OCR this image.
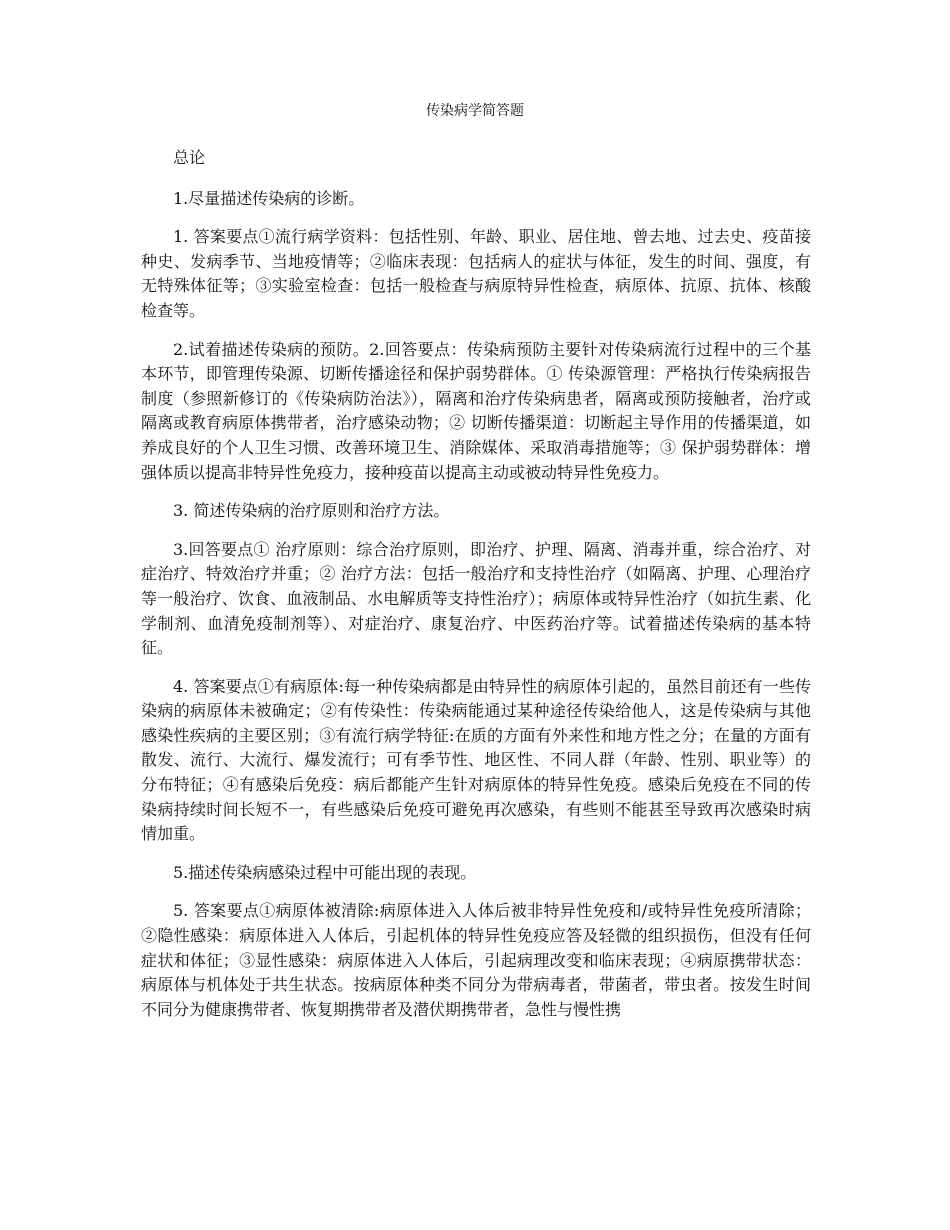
传染病学简答题

总论

1.尽量描述传染病的诊断。

1. 答案要点①流行病学资料：包括性别、年龄、职业、居住地、曾去地、过去史、疫苗接种史、发病季节、当地疫情等；②临床表现：包括病人的症状与体征，发生的时间、强度，有无特殊体征等；③实验室检查：包括一般检查与病原特异性检查，病原体、抗原、抗体、核酸检查等。

2.试着描述传染病的预防。2.回答要点：传染病预防主要针对传染病流行过程中的三个基本环节，即管理传染源、切断传播途径和保护弱势群体。① 传染源管理：严格执行传染病报告制度（参照新修订的《传染病防治法》），隔离和治疗传染病患者，隔离或预防接触者，治疗或隔离或教育病原体携带者，治疗感染动物；② 切断传播渠道：切断起主导作用的传播渠道，如养成良好的个人卫生习惯、改善环境卫生、消除媒体、采取消毒措施等；③ 保护弱势群体：增强体质以提高非特异性免疫力，接种疫苗以提高主动或被动特异性免疫力。

3. 简述传染病的治疗原则和治疗方法。

3.回答要点① 治疗原则：综合治疗原则，即治疗、护理、隔离、消毒并重，综合治疗、对症治疗、特效治疗并重；② 治疗方法：包括一般治疗和支持性治疗（如隔离、护理、心理治疗等一般治疗、饮食、血液制品、水电解质等支持性治疗）；病原体或特异性治疗（如抗生素、化学制剂、血清免疫制剂等）、对症治疗、康复治疗、中医药治疗等。试着描述传染病的基本特征。

4. 答案要点①有病原体:每一种传染病都是由特异性的病原体引起的，虽然目前还有一些传染病的病原体未被确定；②有传染性：传染病能通过某种途径传染给他人，这是传染病与其他感染性疾病的主要区别；③有流行病学特征:在质的方面有外来性和地方性之分；在量的方面有散发、流行、大流行、爆发流行；可有季节性、地区性、不同人群（年龄、性别、职业等）的分布特征；④有感染后免疫：病后都能产生针对病原体的特异性免疫。感染后免疫在不同的传染病持续时间长短不一，有些感染后免疫可避免再次感染，有些则不能甚至导致再次感染时病情加重。

5.描述传染病感染过程中可能出现的表现。

5. 答案要点①病原体被清除:病原体进入人体后被非特异性免疫和/或特异性免疫所清除；②隐性感染：病原体进入人体后，引起机体的特异性免疫应答及轻微的组织损伤，但没有任何症状和体征；③显性感染：病原体进入人体后，引起病理改变和临床表现；④病原携带状态：病原体与机体处于共生状态。按病原体种类不同分为带病毒者，带菌者，带虫者。按发生时间不同分为健康携带者、恢复期携带者及潜伏期携带者，急性与慢性携
